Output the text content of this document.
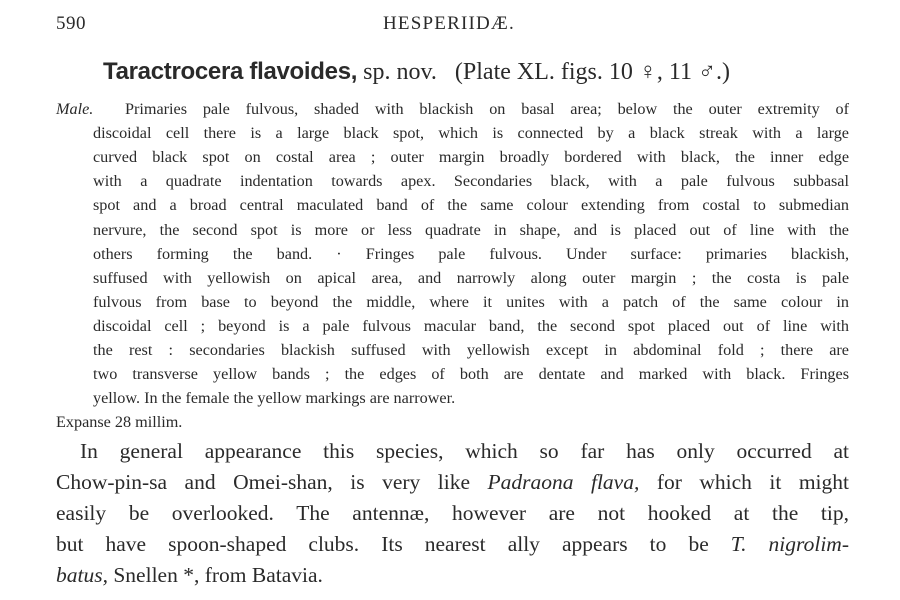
590	HESPERIIDÆ.
Taractrocera flavoides, sp. nov. (Plate XL. figs. 10 ♀, 11 ♂.)
Male. Primaries pale fulvous, shaded with blackish on basal area; below the outer extremity of
discoidal cell there is a large black spot, which is connected by a black streak with a large
curved black spot on costal area ; outer margin broadly bordered with black, the inner edge
with a quadrate indentation towards apex. Secondaries black, with a pale fulvous subbasal
spot and a broad central maculated band of the same colour extending from costal to submedian
nervure, the second spot is more or less quadrate in shape, and is placed out of line with the
others forming the band. · Fringes pale fulvous. Under surface: primaries blackish,
suffused with yellowish on apical area, and narrowly along outer margin ; the costa is pale
fulvous from base to beyond the middle, where it unites with a patch of the same colour in
discoidal cell ; beyond is a pale fulvous macular band, the second spot placed out of line with
the rest : secondaries blackish suffused with yellowish except in abdominal fold ; there are
two transverse yellow bands ; the edges of both are dentate and marked with black. Fringes
yellow. In the female the yellow markings are narrower.
Expanse 28 millim.
In general appearance this species, which so far has only occurred at
Chow-pin-sa and Omei-shan, is very like Padraona flava, for which it might
easily be overlooked. The antennæ, however are not hooked at the tip,
but have spoon-shaped clubs. Its nearest ally appears to be T. nigrolim-
batus, Snellen *, from Batavia.
